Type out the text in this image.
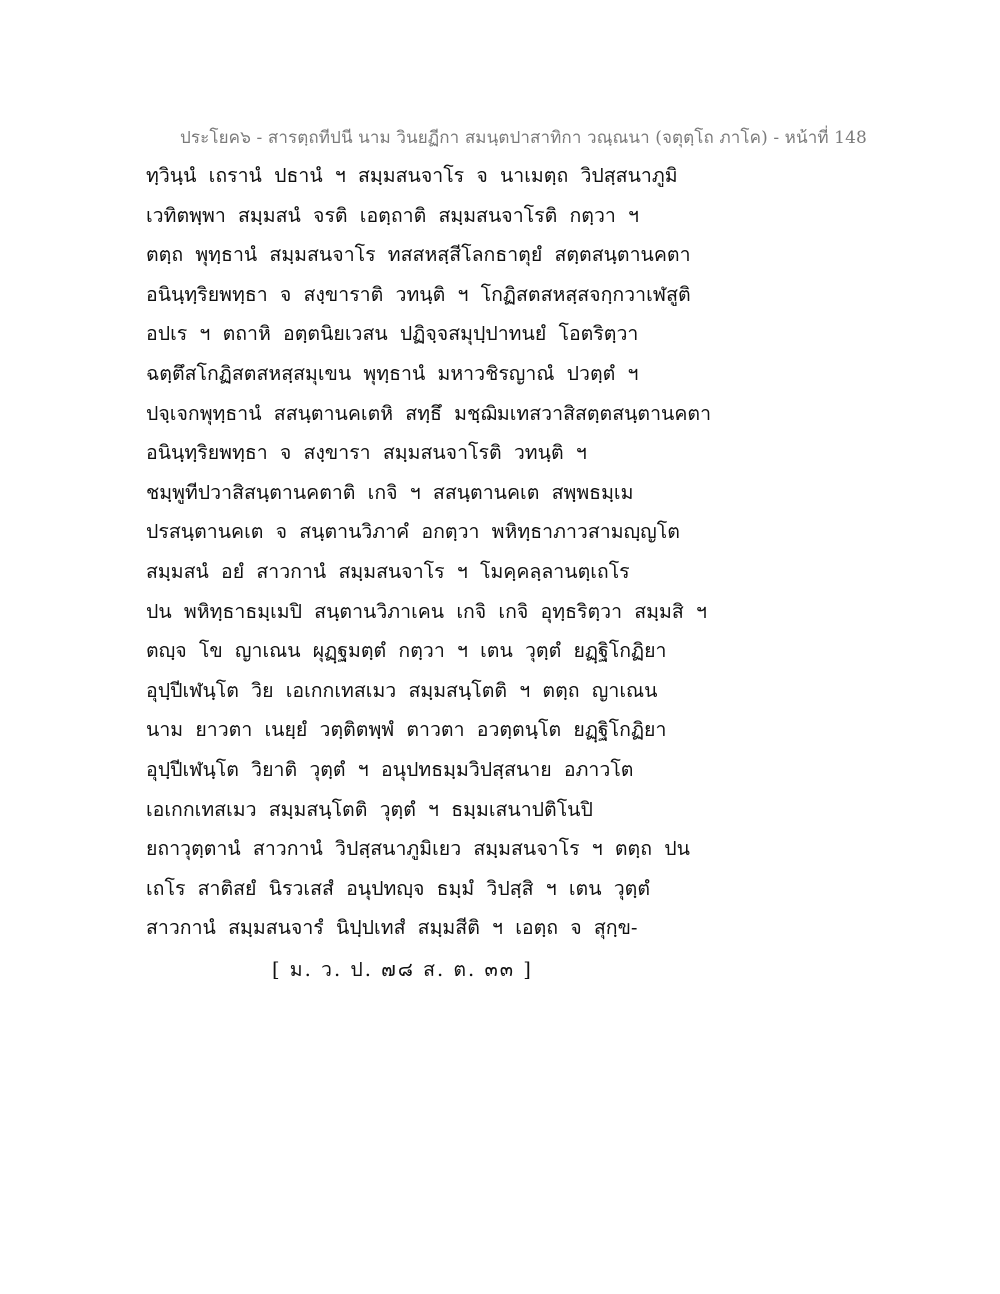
ประโยค๖ - สารตฺถทีปนี นาม วินยฏีกา สมนฺตปาสาทิกา วณฺณนา (จตุตฺโถ ภาโค) - หน้าที่ 148
ทฺวินฺนํ เถรานํ ปธานํ ฯ สมฺมสนจาโร จ นาเมตฺถ วิปสฺสนาภูมิ
เวทิตพฺพา สมฺมสนํ จรติ เอตฺถาติ สมฺมสนจาโรติ กตฺวา ฯ
ตตฺถ พุทฺธานํ สมฺมสนจาโร ทสสหสฺสีโลกธาตุยํ สตฺตสนฺตานคตา
อนินฺทฺริยพทฺธา จ สงฺขาราติ วทนฺติ ฯ โกฏิสตสหสฺสจกฺกวาเฬสูติ
อปเร ฯ ตถาหิ อตฺตนิยเวสน ปฏิจฺจสมุปฺปาทนยํ โอตริตฺวา
ฉตฺตึสโกฏิสตสหสฺสมุเขน พุทฺธานํ มหาวชิรญาณํ ปวตฺตํ ฯ
ปจฺเจกพุทฺธานํ สสนฺตานคเตหิ สทฺธึ มชฺฌิมเทสวาสิสตฺตสนฺตานคตา
อนินฺทฺริยพทฺธา จ สงฺขารา สมฺมสนจาโรติ วทนฺติ ฯ
ชมฺพูทีปวาสิสนฺตานคตาติ เกจิ ฯ สสนฺตานคเต สพฺพธมฺเม
ปรสนฺตานคเต จ สนฺตานวิภาคํ อกตฺวา พหิทฺธาภาวสามญฺญโต
สมฺมสนํ อยํ สาวกานํ สมฺมสนจาโร ฯ โมคฺคลฺลานตฺเถโร
ปน พหิทฺธาธมฺเมปิ สนฺตานวิภาเคน เกจิ เกจิ อุทฺธริตฺวา สมฺมสิ ฯ
ตญฺจ โข ญาเณน ผุฏฺฐมตฺตํ กตฺวา ฯ เตน วุตฺตํ ยฏฺฐิโกฏิยา
อุปฺปีเฬนฺโต วิย เอเกกเทสเมว สมฺมสนฺโตติ ฯ ตตฺถ ญาเณน
นาม ยาวตา เนยฺยํ วตฺติตพฺพํ ตาวตา อวตฺตนฺโต ยฏฺฐิโกฏิยา
อุปฺปีเฬนฺโต วิยาติ วุตฺตํ ฯ อนุปทธมฺมวิปสฺสนาย อภาวโต
เอเกกเทสเมว สมฺมสนฺโตติ วุตฺตํ ฯ ธมฺมเสนาปติโนปิ
ยถาวุตฺตานํ สาวกานํ วิปสฺสนาภูมิเยว สมฺมสนจาโร ฯ ตตฺถ ปน
เถโร สาติสยํ นิรวเสสํ อนุปทญฺจ ธมฺมํ วิปสฺสิ ฯ เตน วุตฺตํ
สาวกานํ สมฺมสนจารํ นิปฺปเทสํ สมฺมสีติ ฯ เอตฺถ จ สุกฺข-
[ ม. ว. ป. ๗๘ ส. ต. ๓๓ ]
